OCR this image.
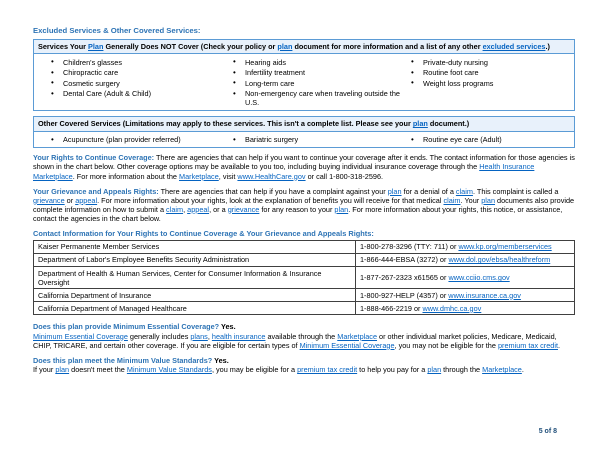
Excluded Services & Other Covered Services:
Services Your Plan Generally Does NOT Cover (Check your policy or plan document for more information and a list of any other excluded services.)
• Children's glasses
• Chiropractic care
• Cosmetic surgery
• Dental Care (Adult & Child)
• Hearing aids
• Infertility treatment
• Long-term care
• Non-emergency care when traveling outside the U.S.
• Private-duty nursing
• Routine foot care
• Weight loss programs
Other Covered Services (Limitations may apply to these services. This isn't a complete list. Please see your plan document.)
• Acupuncture (plan provider referred)	• Bariatric surgery	• Routine eye care (Adult)

Your Rights to Continue Coverage: There are agencies that can help if you want to continue your coverage after it ends. The contact information for those agencies is shown in the chart below. Other coverage options may be available to you too, including buying individual insurance coverage through the Health Insurance Marketplace. For more information about the Marketplace, visit www.HealthCare.gov or call 1-800-318-2596.

Your Grievance and Appeals Rights: There are agencies that can help if you have a complaint against your plan for a denial of a claim. This complaint is called a grievance or appeal. For more information about your rights, look at the explanation of benefits you will receive for that medical claim. Your plan documents also provide complete information on how to submit a claim, appeal, or a grievance for any reason to your plan. For more information about your rights, this notice, or assistance, contact the agencies in the chart below.

Contact Information for Your Rights to Continue Coverage & Your Grievance and Appeals Rights:
Kaiser Permanente Member Services	1-800-278-3296 (TTY: 711) or www.kp.org/memberservices
Department of Labor's Employee Benefits Security Administration	1-866-444-EBSA (3272) or www.dol.gov/ebsa/healthreform
Department of Health & Human Services, Center for Consumer Information & Insurance Oversight	1-877-267-2323 x61565 or www.cciio.cms.gov
California Department of Insurance	1-800-927-HELP (4357) or www.insurance.ca.gov
California Department of Managed Healthcare	1-888-466-2219 or www.dmhc.ca.gov
Does this plan provide Minimum Essential Coverage? Yes.
Minimum Essential Coverage generally includes plans, health insurance available through the Marketplace or other individual market policies, Medicare, Medicaid, CHIP, TRICARE, and certain other coverage. If you are eligible for certain types of Minimum Essential Coverage, you may not be eligible for the premium tax credit.
Does this plan meet the Minimum Value Standards? Yes.
If your plan doesn't meet the Minimum Value Standards, you may be eligible for a premium tax credit to help you pay for a plan through the Marketplace.
5 of 8
